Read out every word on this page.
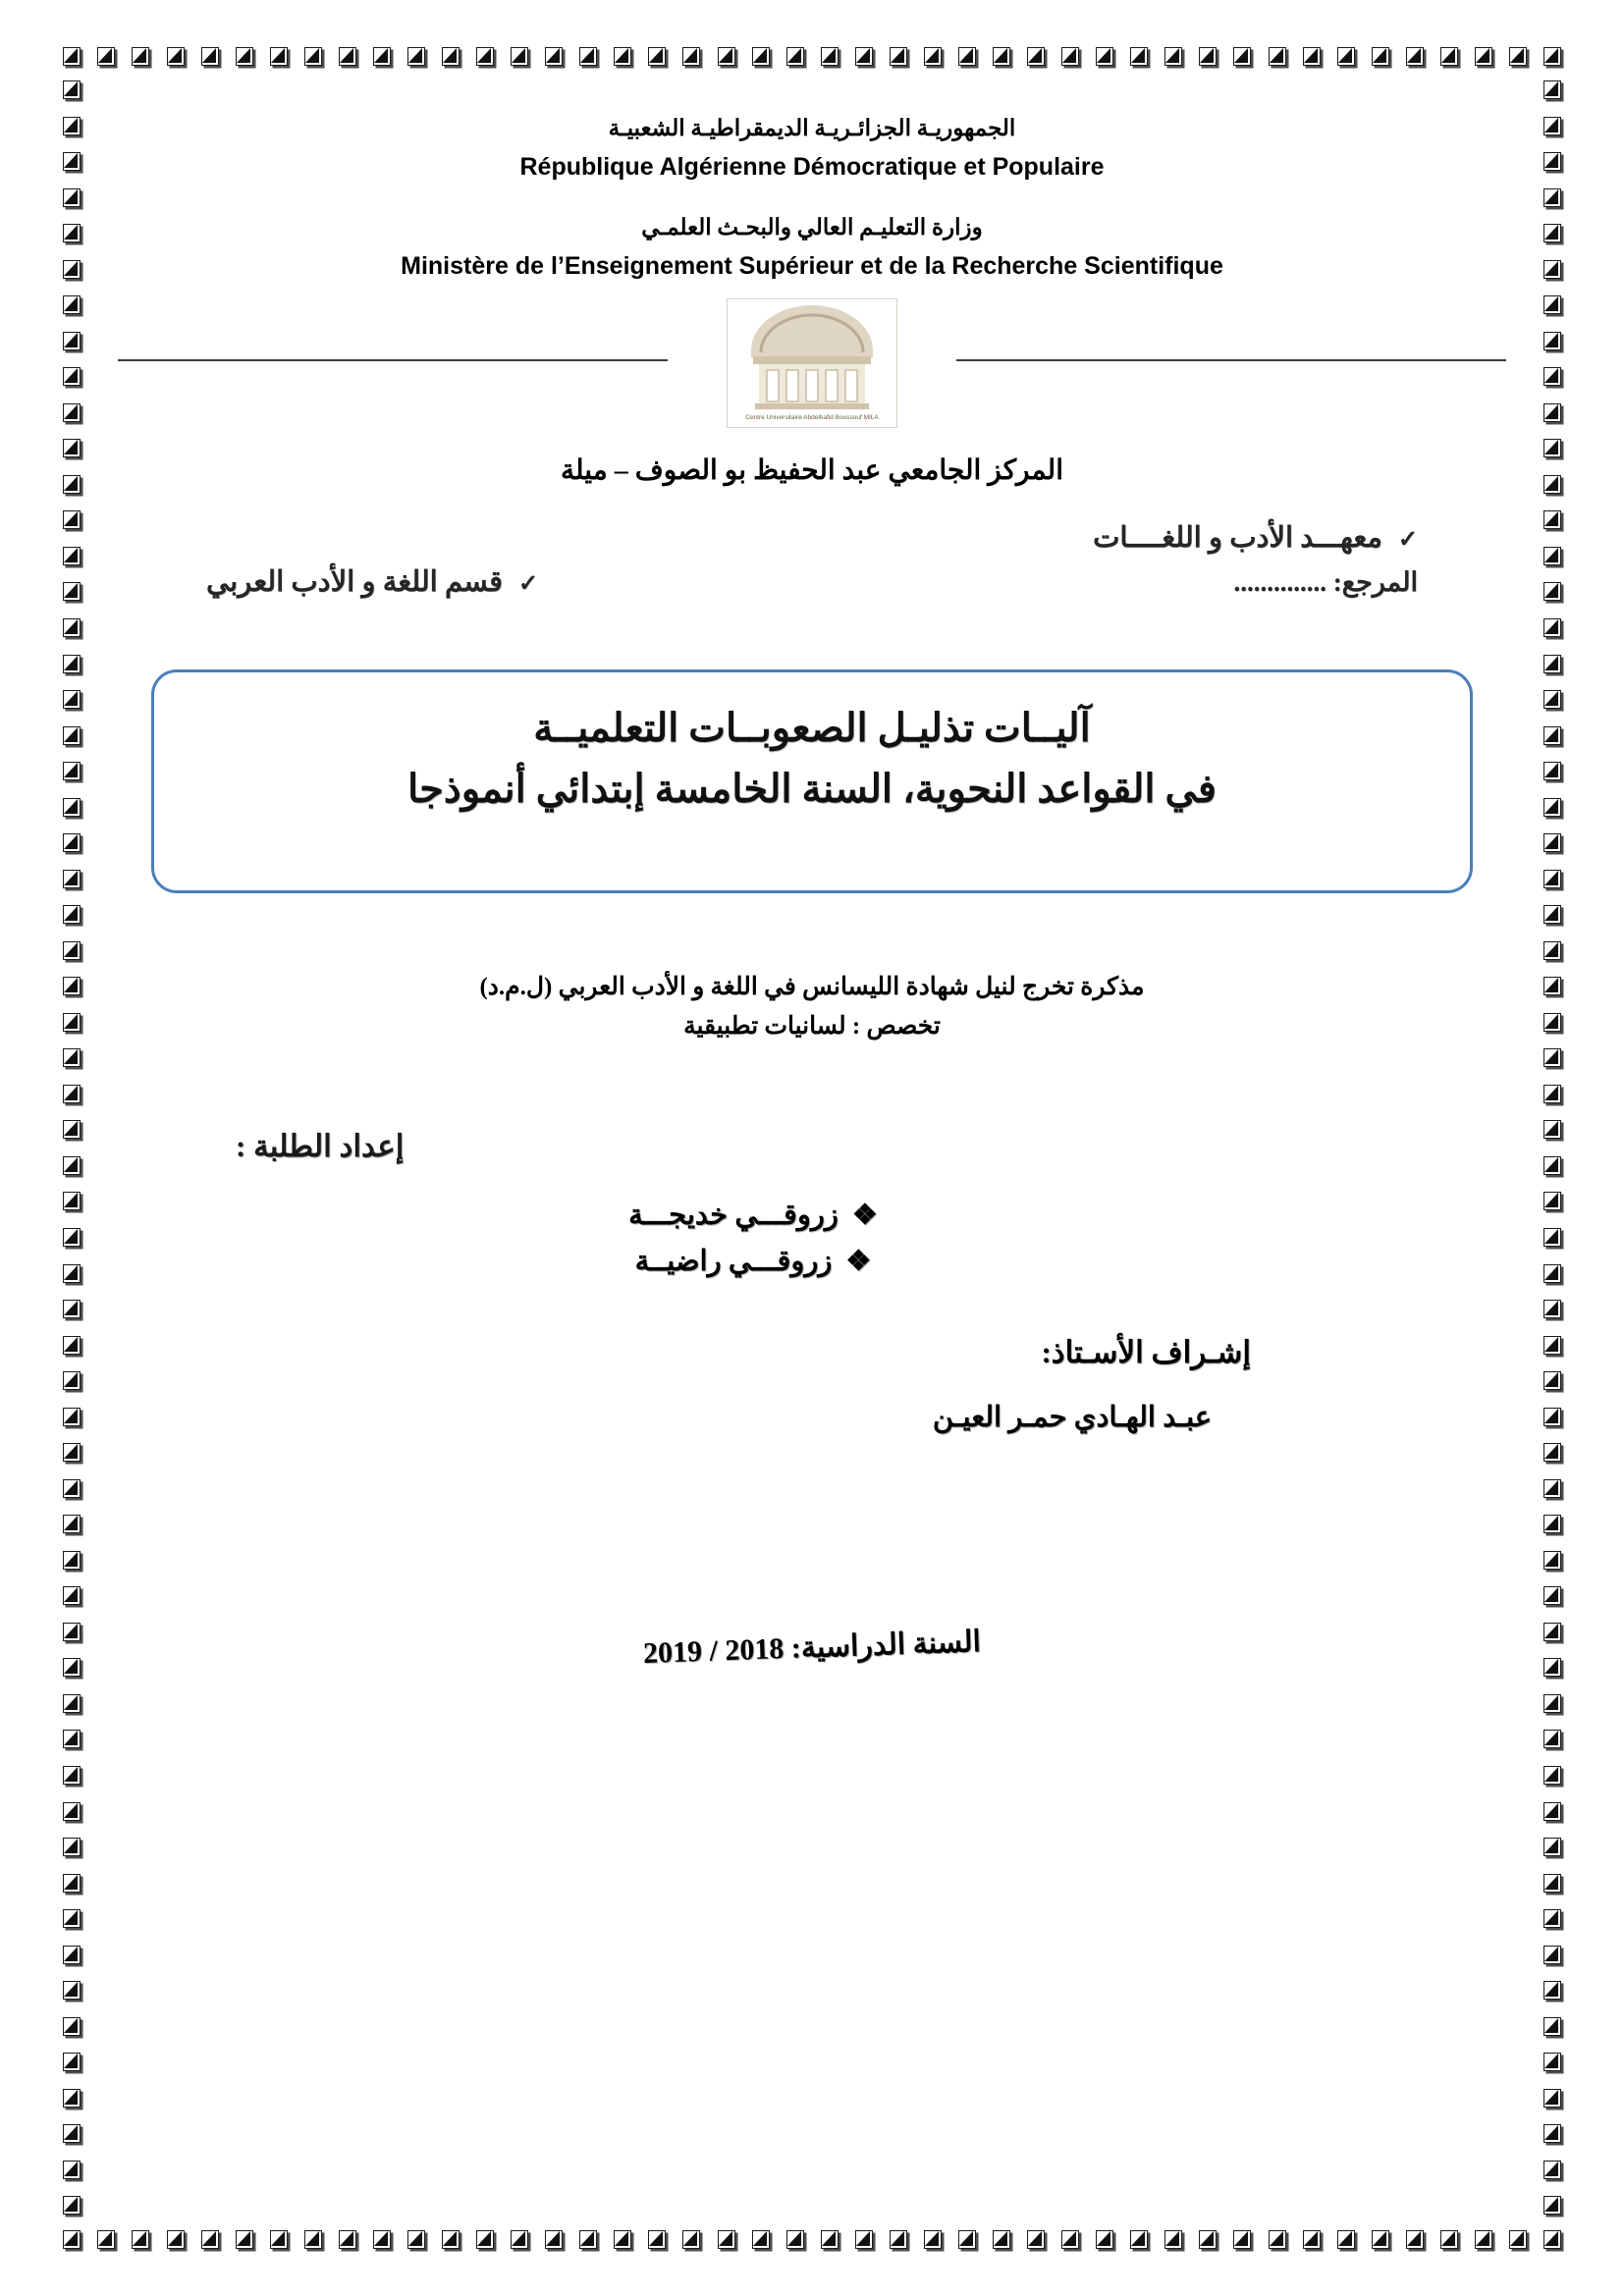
الجمهوريـة الجزائـريـة الديمقراطيـة الشعبيـة

République Algérienne Démocratique et Populaire

وزارة التعليـم العالي والبحـث العلمـي

Ministère de l’Enseignement Supérieur et de la Recherche Scientifique

Centre Universitaire Abdelhafid Boussouf MILA

المركز الجامعي عبد الحفيظ بو الصوف – ميلة

✓
معهـــد الأدب و اللغــــات
المرجع: ..............
✓
قسم اللغة و الأدب العربي
آليــات تذليـل الصعوبــات التعلميــة
في القواعد النحوية، السنة الخامسة إبتدائي أنموذجا
مذكرة تخرج لنيل شهادة الليسانس في اللغة و الأدب العربي (ل.م.د)
تخصص : لسانيات تطبيقية
إعداد الطلبة :
❖زروقـــي خديجـــة
❖زروقـــي راضيــة
إشـراف الأسـتاذ:
عبـد الهـادي حمـر العيـن
السنة الدراسية: 2018 / 2019
